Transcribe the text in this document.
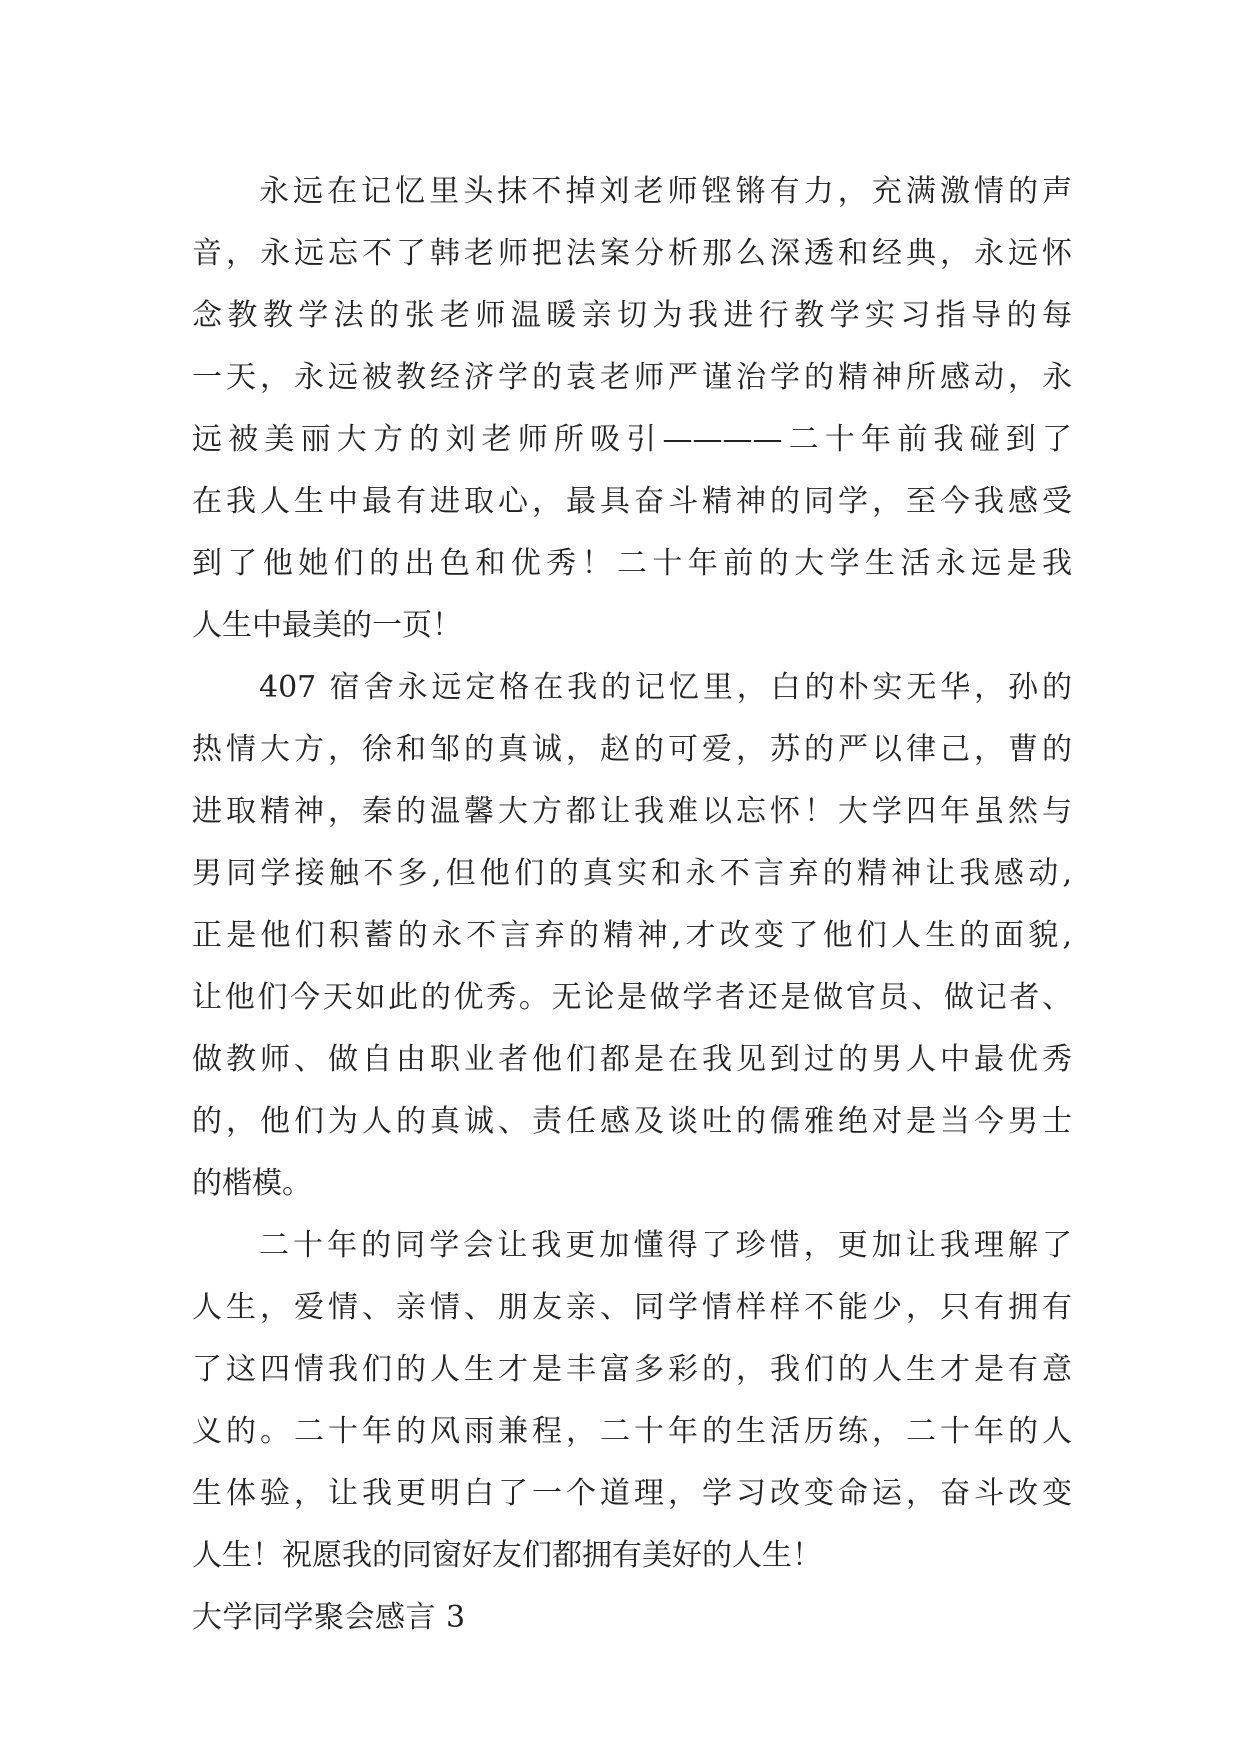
永远在记忆里头抹不掉刘老师铿锵有力，充满激情的声
音，永远忘不了韩老师把法案分析那么深透和经典，永远怀
念教教学法的张老师温暖亲切为我进行教学实习指导的每
一天，永远被教经济学的袁老师严谨治学的精神所感动，永
远被美丽大方的刘老师所吸引————二十年前我碰到了
在我人生中最有进取心，最具奋斗精神的同学，至今我感受
到了他她们的出色和优秀！二十年前的大学生活永远是我
人生中最美的一页！
407 宿舍永远定格在我的记忆里，白的朴实无华，孙的
热情大方，徐和邹的真诚，赵的可爱，苏的严以律己，曹的
进取精神，秦的温馨大方都让我难以忘怀！大学四年虽然与
男同学接触不多,但他们的真实和永不言弃的精神让我感动,
正是他们积蓄的永不言弃的精神,才改变了他们人生的面貌,
让他们今天如此的优秀。无论是做学者还是做官员、做记者、
做教师、做自由职业者他们都是在我见到过的男人中最优秀
的，他们为人的真诚、责任感及谈吐的儒雅绝对是当今男士
的楷模。
二十年的同学会让我更加懂得了珍惜，更加让我理解了
人生，爱情、亲情、朋友亲、同学情样样不能少，只有拥有
了这四情我们的人生才是丰富多彩的，我们的人生才是有意
义的。二十年的风雨兼程，二十年的生活历练，二十年的人
生体验，让我更明白了一个道理，学习改变命运，奋斗改变
人生！祝愿我的同窗好友们都拥有美好的人生！
大学同学聚会感言 3
